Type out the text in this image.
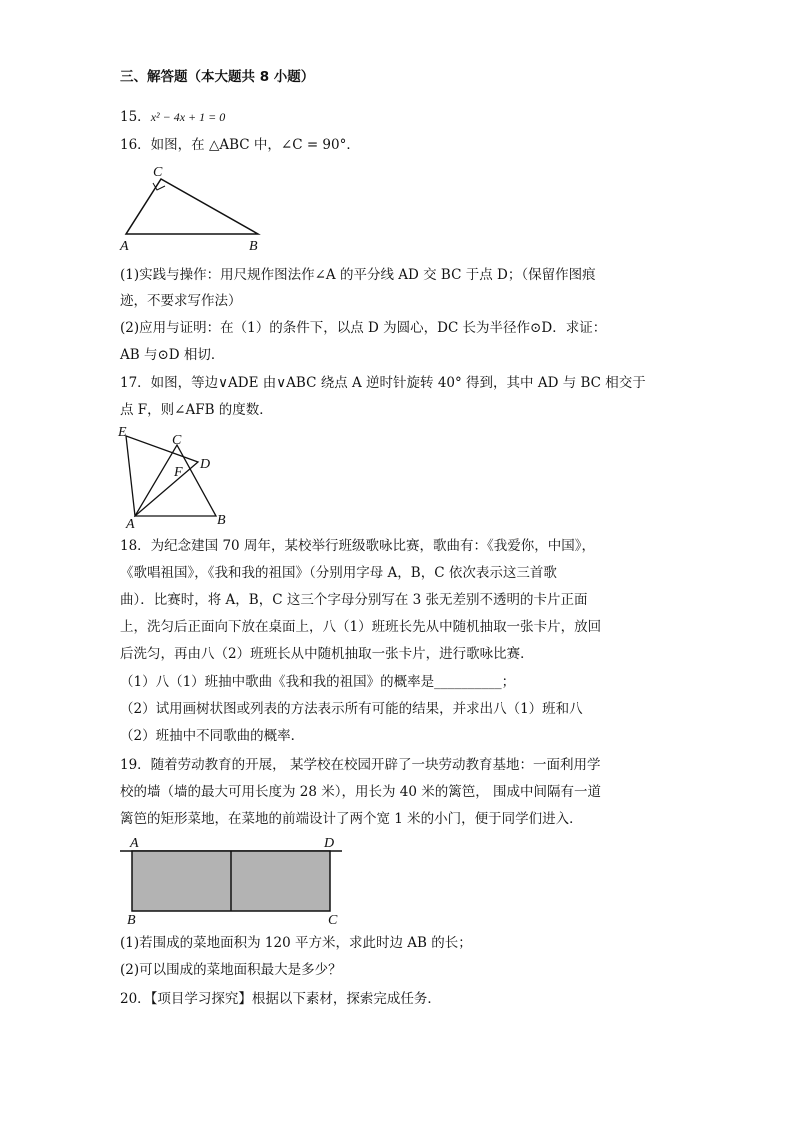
三、解答题（本大题共 8 小题）
15．x² − 4x + 1 = 0
16．如图，在 △ABC 中，∠C = 90°．
C
A	B
(1)实践与操作：用尺规作图法作∠A 的平分线 AD 交 BC 于点 D；（保留作图痕
迹，不要求写作法）
(2)应用与证明：在（1）的条件下，以点 D 为圆心，DC 长为半径作⊙D．求证：
AB 与⊙D 相切．
17．如图，等边∨ADE 由∨ABC 绕点 A 逆时针旋转 40° 得到，其中 AD 与 BC 相交于
点 F，则∠AFB 的度数．
E
C
D
F
A	B
18．为纪念建国 70 周年，某校举行班级歌咏比赛，歌曲有：《我爱你，中国》，
《歌唱祖国》，《我和我的祖国》（分别用字母 A，B，C 依次表示这三首歌
曲）．比赛时，将 A，B，C 这三个字母分别写在 3 张无差别不透明的卡片正面
上，洗匀后正面向下放在桌面上，八（1）班班长先从中随机抽取一张卡片，放回
后洗匀，再由八（2）班班长从中随机抽取一张卡片，进行歌咏比赛．
（1）八（1）班抽中歌曲《我和我的祖国》的概率是__________；
（2）试用画树状图或列表的方法表示所有可能的结果，并求出八（1）班和八
（2）班抽中不同歌曲的概率．
19．随着劳动教育的开展， 某学校在校园开辟了一块劳动教育基地：一面利用学
校的墙（墙的最大可用长度为 28 米），用长为 40 米的篱笆， 围成中间隔有一道
篱笆的矩形菜地，在菜地的前端设计了两个宽 1 米的小门，便于同学们进入．
A	D
B	C
(1)若围成的菜地面积为 120 平方米，求此时边 AB 的长；
(2)可以围成的菜地面积最大是多少？
20．【项目学习探究】根据以下素材，探索完成任务．
